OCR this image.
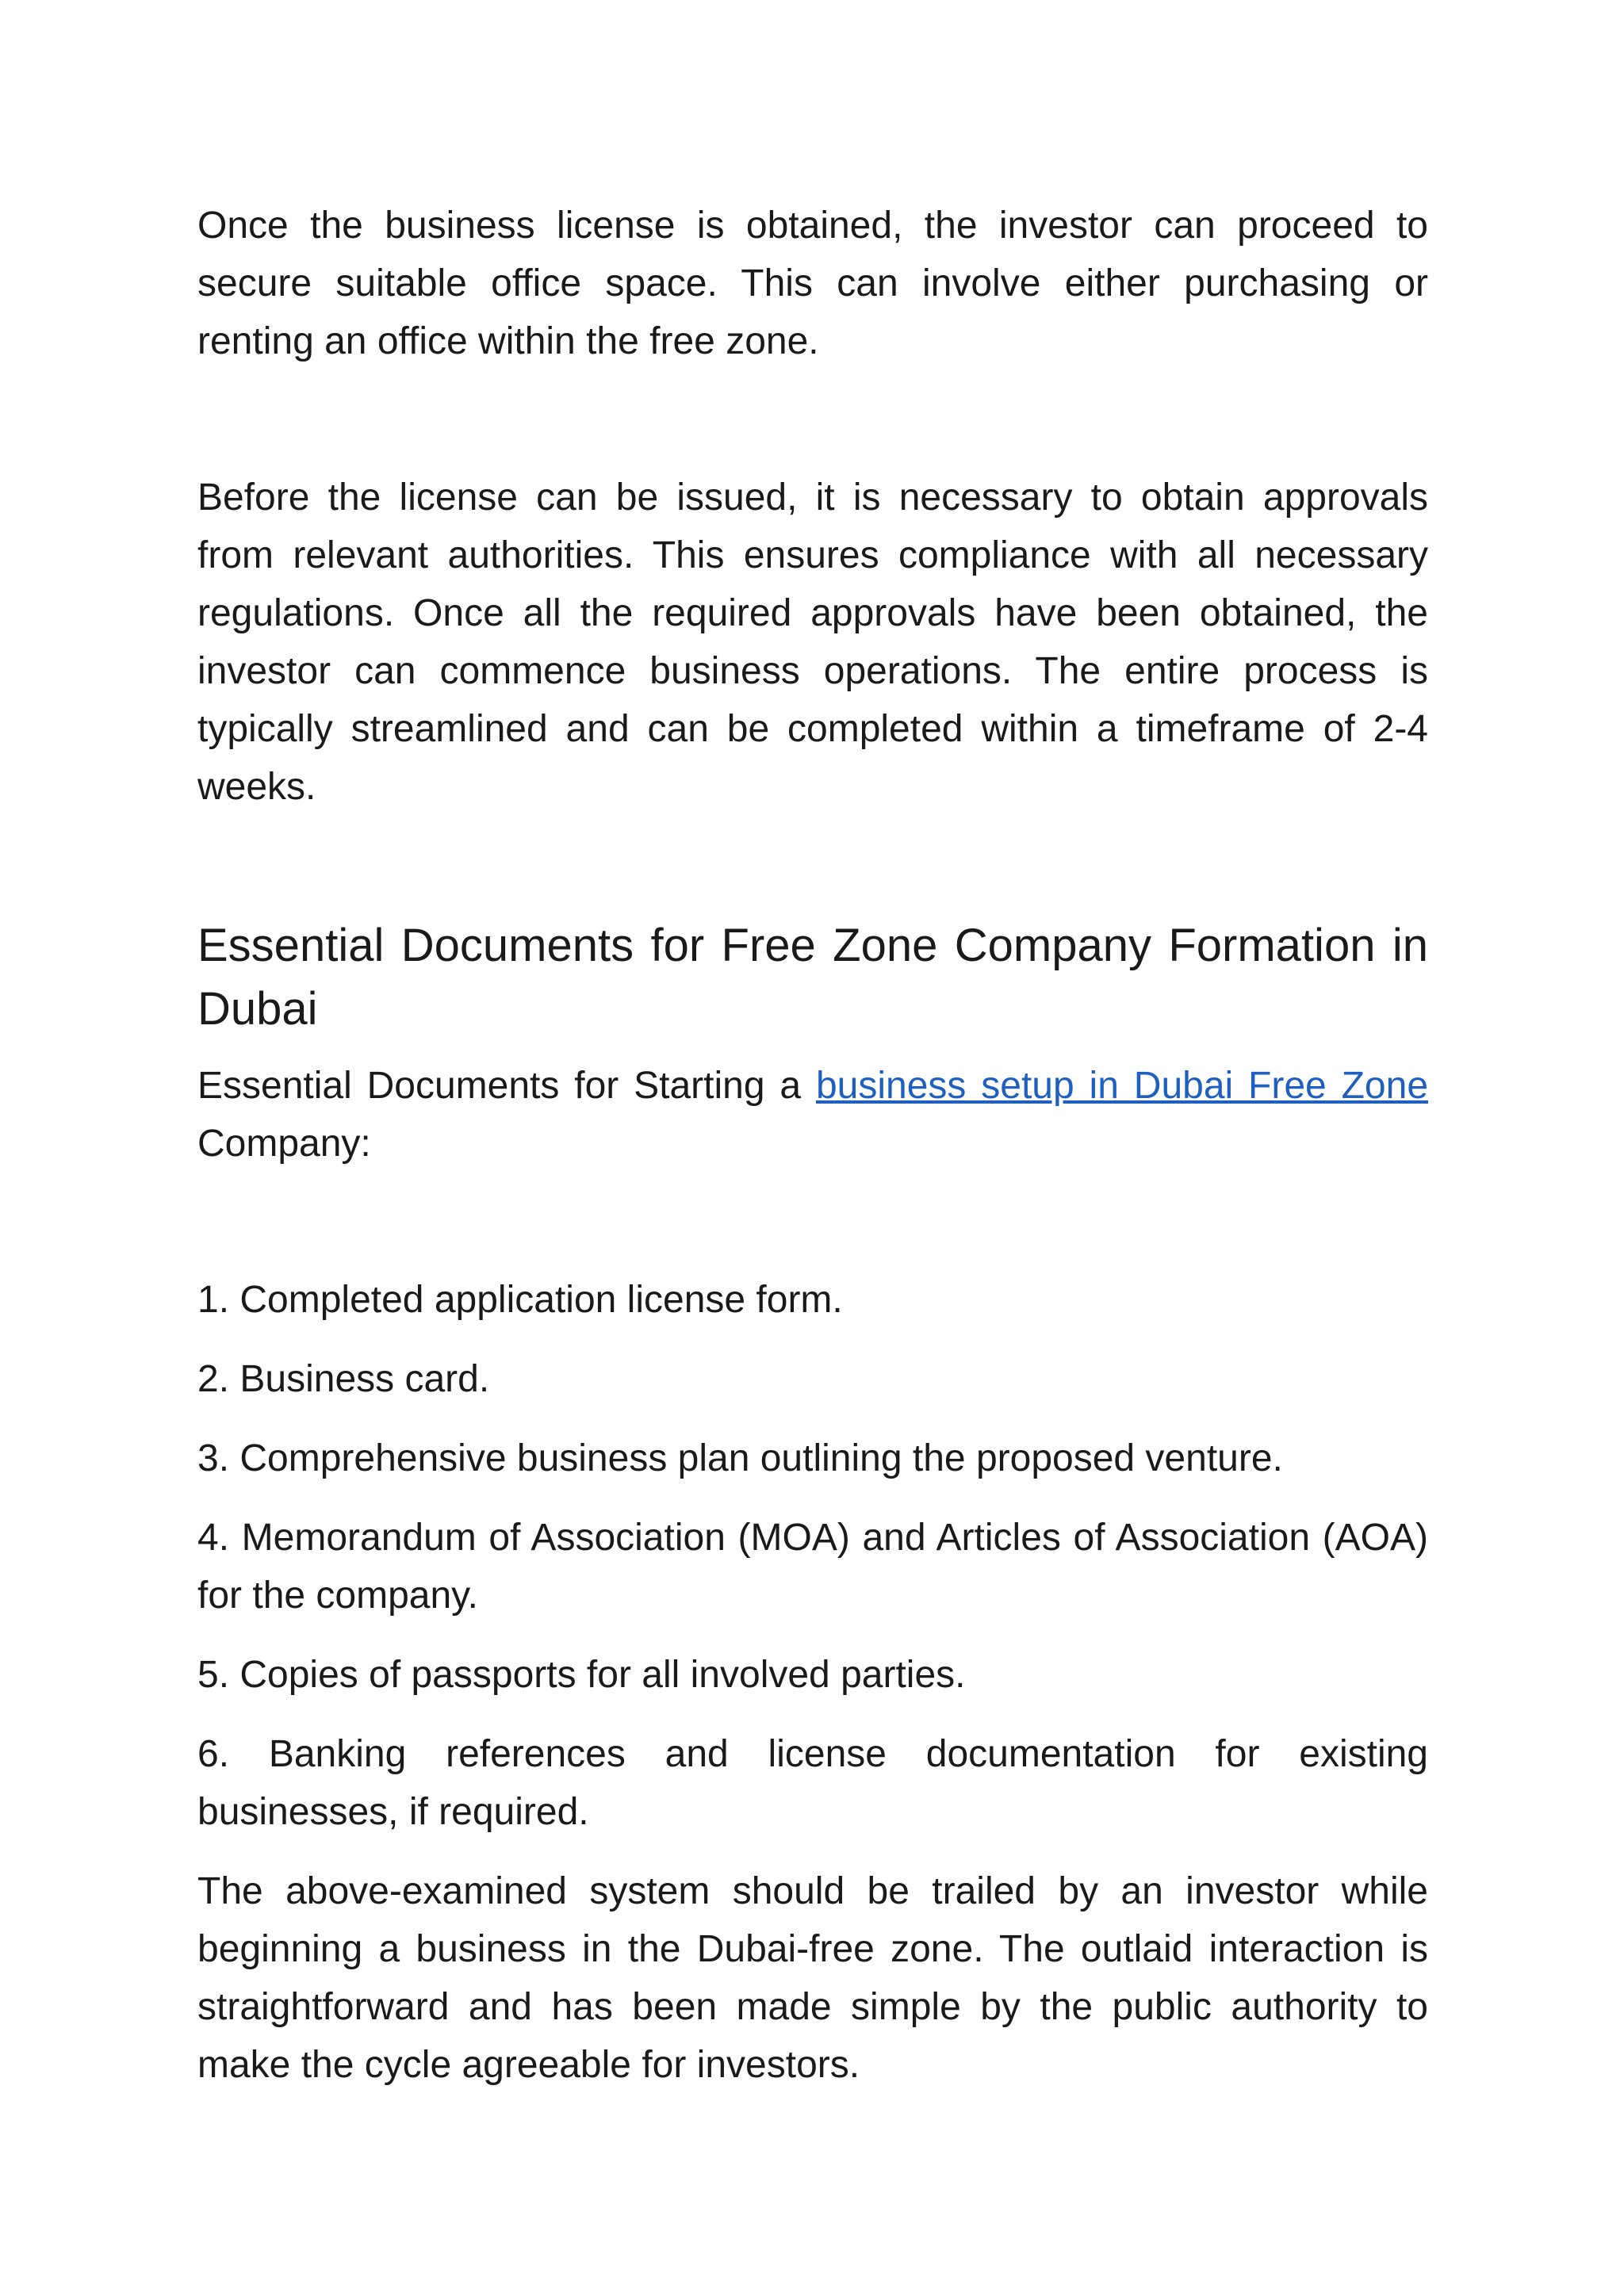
Once the business license is obtained, the investor can proceed to secure suitable office space. This can involve either purchasing or renting an office within the free zone.

Before the license can be issued, it is necessary to obtain approvals from relevant authorities. This ensures compliance with all necessary regulations. Once all the required approvals have been obtained, the investor can commence business operations. The entire process is typically streamlined and can be completed within a timeframe of 2-4 weeks.

Essential Documents for Free Zone Company Formation in Dubai

Essential Documents for Starting a business setup in Dubai Free Zone Company:

1. Completed application license form.
2. Business card.
3. Comprehensive business plan outlining the proposed venture.
4. Memorandum of Association (MOA) and Articles of Association (AOA) for the company.
5. Copies of passports for all involved parties.
6. Banking references and license documentation for existing businesses, if required.

The above-examined system should be trailed by an investor while beginning a business in the Dubai-free zone. The outlaid interaction is straightforward and has been made simple by the public authority to make the cycle agreeable for investors.
